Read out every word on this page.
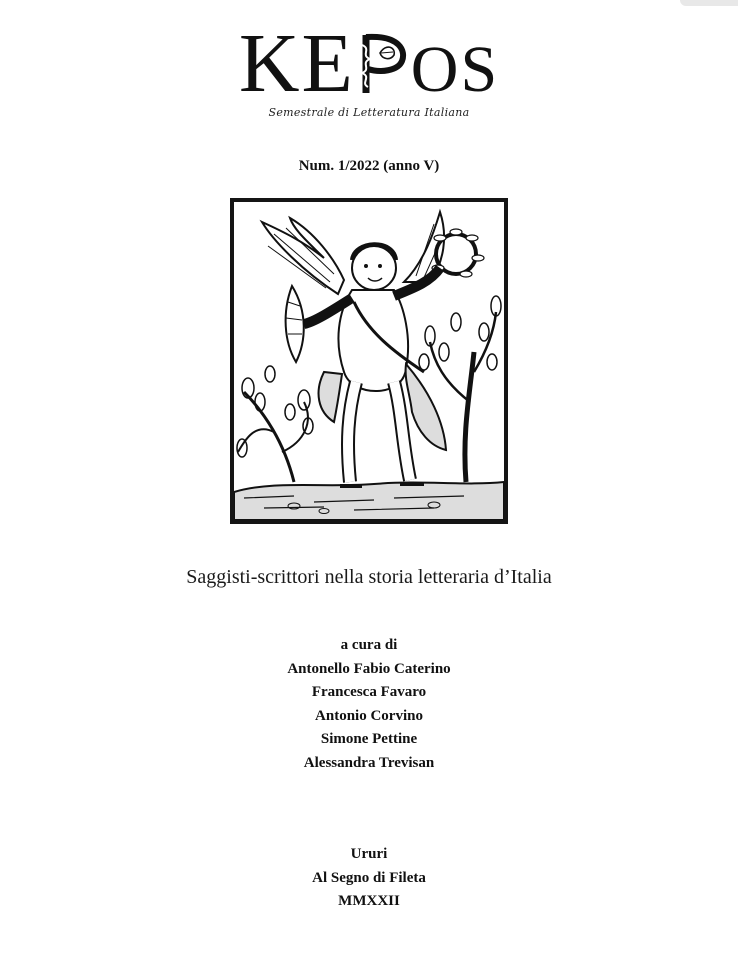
KE OS
Semestrale di Letteratura Italiana
Num. 1/2022 (anno V)
Saggisti-scrittori nella storia letteraria d’Italia
a cura di
Antonello Fabio Caterino
Francesca Favaro
Antonio Corvino
Simone Pettine
Alessandra Trevisan
Ururi
Al Segno di Fileta
MMXXII
